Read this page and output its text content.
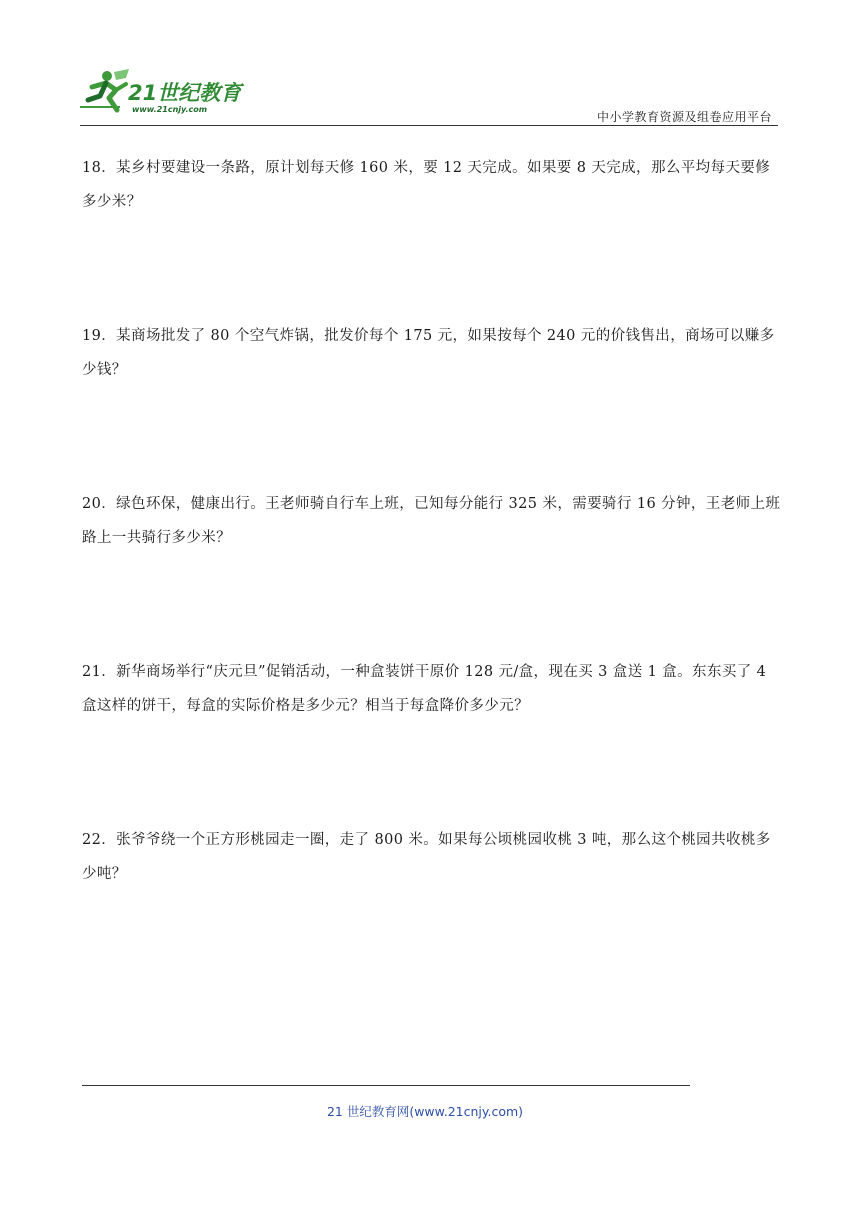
21世纪教育
www.21cnjy.com
中小学教育资源及组卷应用平台
18．某乡村要建设一条路，原计划每天修 160 米，要 12 天完成。如果要 8 天完成，那么平均每天要修多少米？
19．某商场批发了 80 个空气炸锅，批发价每个 175 元，如果按每个 240 元的价钱售出，商场可以赚多少钱？
20．绿色环保，健康出行。王老师骑自行车上班，已知每分能行 325 米，需要骑行 16 分钟，王老师上班路上一共骑行多少米？
21．新华商场举行“庆元旦”促销活动，一种盒装饼干原价 128 元/盒，现在买 3 盒送 1 盒。东东买了 4 盒这样的饼干，每盒的实际价格是多少元？相当于每盒降价多少元？
22．张爷爷绕一个正方形桃园走一圈，走了 800 米。如果每公顷桃园收桃 3 吨，那么这个桃园共收桃多少吨？
21 世纪教育网(www.21cnjy.com)
